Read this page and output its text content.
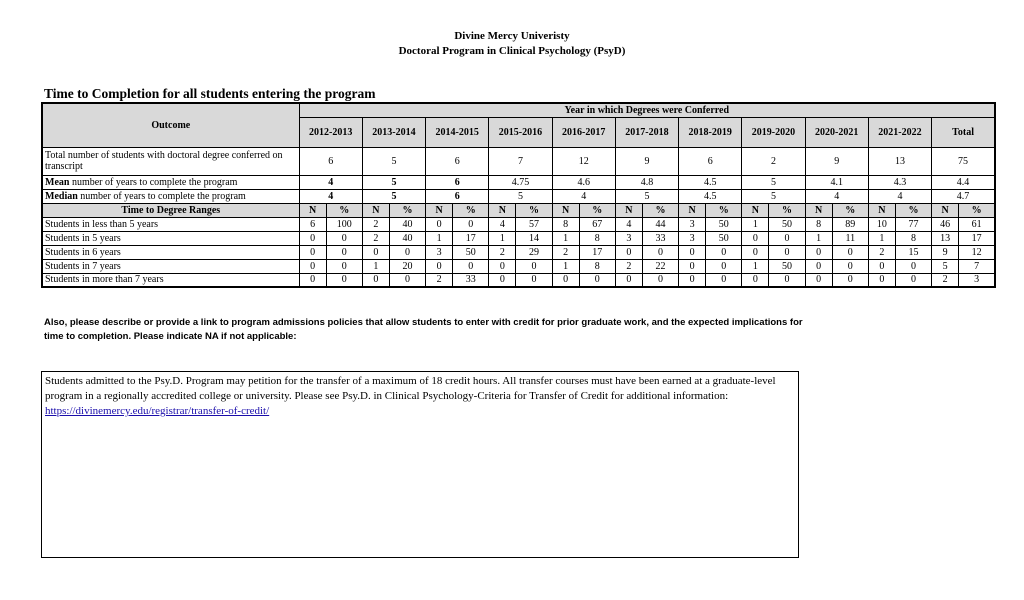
Divine Mercy Univeristy
Doctoral Program in Clinical Psychology (PsyD)
Time to Completion for all students entering the program
Outcome	Year in which Degrees were Conferred																					
	2012-2013		2013-2014		2014-2015		2015-2016		2016-2017		2017-2018		2018-2019		2019-2020		2020-2021		2021-2022		Total	
Total number of students with doctoral degree conferred on transcript	6		5		6		7		12		9		6		2		9		13		75	
Mean number of years to complete the program	4		5		6		4.75		4.6		4.8		4.5		5		4.1		4.3		4.4	
Median number of years to complete the program	4		5		6		5		4		5		4.5		5		4		4		4.7	
Time to Degree Ranges	N	%	N	%	N	%	N	%	N	%	N	%	N	%	N	%	N	%	N	%	N	%
Students in less than 5 years	6	100	2	40	0	0	4	57	8	67	4	44	3	50	1	50	8	89	10	77	46	61
Students in 5 years	0	0	2	40	1	17	1	14	1	8	3	33	3	50	0	0	1	11	1	8	13	17
Students in 6 years	0	0	0	0	3	50	2	29	2	17	0	0	0	0	0	0	0	0	2	15	9	12
Students in 7 years	0	0	1	20	0	0	0	0	1	8	2	22	0	0	1	50	0	0	0	0	5	7
Students in more than 7 years	0	0	0	0	2	33	0	0	0	0	0	0	0	0	0	0	0	0	0	0	2	3
Also, please describe or provide a link to program admissions policies that allow students to enter with credit for prior graduate work, and the expected implications for time to completion. Please indicate NA if not applicable:
Students admitted to the Psy.D. Program may petition for the transfer of a maximum of 18 credit hours. All transfer courses must have been earned at a graduate-level program in a regionally accredited college or university. Please see Psy.D. in Clinical Psychology-Criteria for Transfer of Credit for additional information:
https://divinemercy.edu/registrar/transfer-of-credit/
